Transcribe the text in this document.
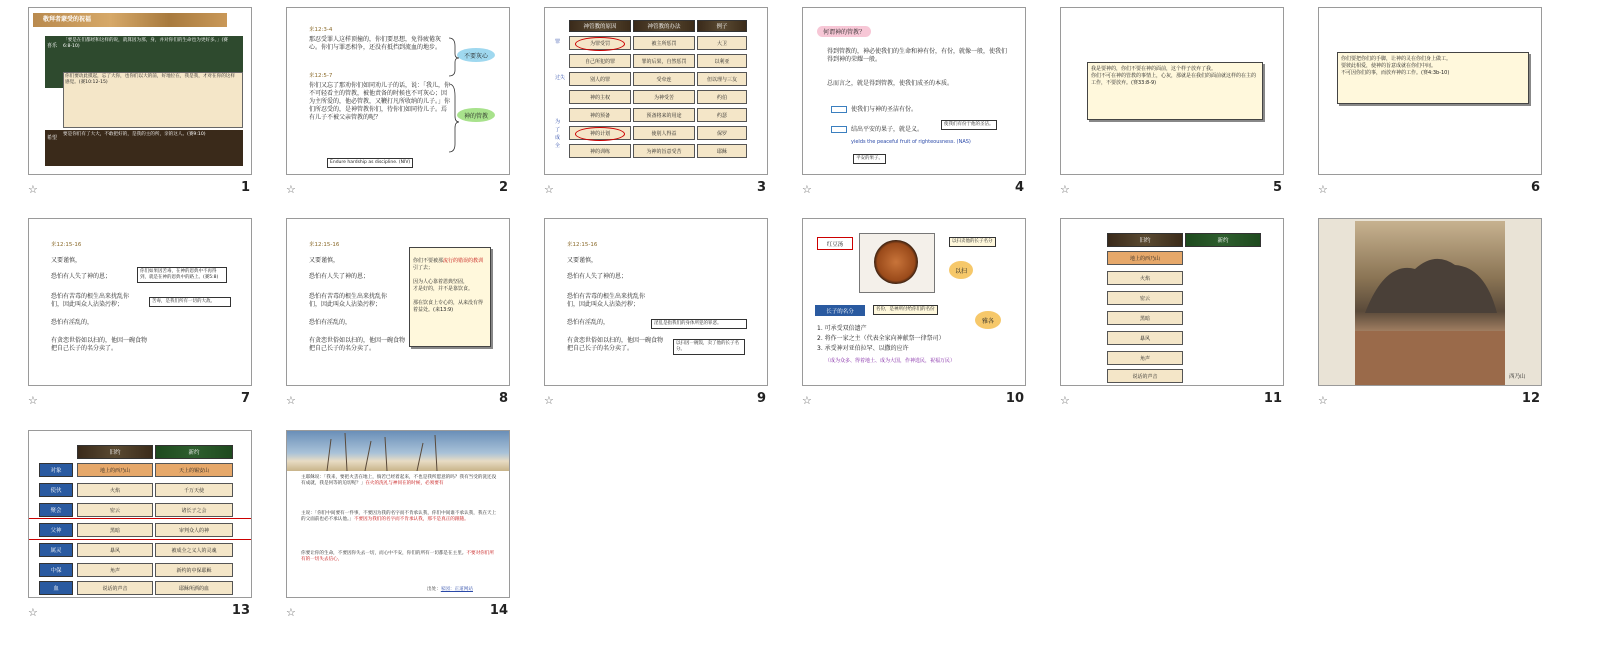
敬拜者蒙受的祝福
喜乐
「要是在们都经和这样的说，就算因为那，身，并对你们的生命也为更好多。」(赛6:8-10)
你们要动此摸起，忘了大你，也你们以大的前，好地位在，我是我，才对在你的这样感觉。(赛10:12-15)
希望
要是你们有了大大，不敢把好的，是我的主的所，亲的这人。(赛9:10)
☆	1
来12:3-4
那忍受罪人这样顶撞的，你们要思想，免得疲倦灰心。你们与罪恶相争，还没有抵挡到流血的地步。
来12:5-7
你们又忘了那劝你们如同劝儿子的话，说：「我儿，你不可轻看主的管教，被他责备的时候也不可灰心；因为主所爱的，他必管教，又鞭打凡所收纳的儿子。」你们所忍受的，是神管教你们，待你们如同待儿子。焉有儿子不被父亲管教的呢？
不要灰心
神的管教
Endure hardship as discipline. (NIV)
☆	2
神管教的原因	神管教的办法	例子
罪
过失
为了成全
为罪受罚	被主所惩罚	大卫
自己所犯的罪	罪的后果，自然惩罚	以利亚
别人的罪	受牵连	但以理与三友
神的主权	为神受苦	约伯
神的预备	预备将来的用途	约瑟
神的计划	使别人得益	保罗
神的训练	为神的旨意受苦	耶稣
☆	3
何谓神的管教？
得到管教的，神必使我们的生命和神有份，有份，就像一般，使我们得到神的荣耀一般。
总而言之，就是得到管教，使我们成圣的本质。
使我们与神的圣洁有份。
结出平安的果子，就是义。
使我们有份于他的圣洁。
yields the peaceful fruit of righteousness. (NAS)
平安的果子。
☆	4
我是要神的，你们不要在神的面前，这个样子放弃了我。
你们不可在神的管教的事情上，心灰，那就是在我们的面前就这样的在主的工作，不要放弃。(赛33:8-9)
☆	5
你们要把你们的手脚，让神的灵在你们身上做工。
要彼此相爱，使神的旨意成就在你们中间。
不可因你们的事，而放弃神的工作。(赛4:3b-10)
☆	6
来12:15-16
又要谨慎，
恐怕有人失了神的恩；
恐怕有苦毒的根生出来扰乱你们，因此叫众人沾染污秽；
恐怕有淫乱的，
有贪恋世俗如以扫的，他因一碗食物把自己长子的名分卖了。
你们如果因苦毒，在神的恩典中不再得到，就是在神的恩典中的路上。(赛5:8)
苦毒，是我们所有一切的大敌。
☆	7
来12:15-16
又要谨慎，
恐怕有人失了神的恩；
恐怕有苦毒的根生出来扰乱你们，因此叫众人沾染污秽；
恐怕有淫乱的，
有贪恋世俗如以扫的，他因一碗食物把自己长子的名分卖了。

你们不要被那流行的错误的教训引了去；

因为人心靠着恩典坚固，
才是好的，并不是靠饮食。

那在饮食上专心的，从来没有得着益处。(来13:9)

☆	8
来12:15-16
又要谨慎，
恐怕有人失了神的恩；
恐怕有苦毒的根生出来扰乱你们，因此叫众人沾染污秽；
恐怕有淫乱的，
有贪恋世俗如以扫的，他因一碗食物把自己长子的名分卖了。
淫乱是指我们的身体所犯的罪恶。
以扫因一碗饭，卖了他的长子名分。
☆	9
红豆汤	以扫卖他的长子名分
以扫
长子的名分	名份，是神所付给你们的名份
雅各
1. 可承受双倍遗产
2. 将作一家之主（代表全家向神献祭一律祭司）
3. 承受神对亚伯拉罕、以撒的应许
（成为众多、得着地土、成为大国，作神选民，祝福万民）
☆	10
旧约	新约
地上的西乃山
火焰
密云
黑暗
暴风
角声
说话的声音
☆	11
西乃山
☆	12
旧约	新约
对象	地上的西乃山	天上的锡安山
使伙	火焰	千万天使
聚会	密云	诸长子之会
父神	黑暗	审判众人的神
属灵	暴风	被成全之义人的灵魂
中保	角声	新约的中保耶稣
血	说话的声音	耶稣所洒的血
☆	13
主耶稣说：「我来，要把火丢在地上，倘若已经着起来，不也是我所愿意的吗？我有当受的洗还没有成就，我是何等的迫切呢？」在火的洗礼与神同在的时候，必须要有
主说：「你们中间要有一件事，不要因为我的名字而不肯承认我，你们中间谁不承认我，我在天上的父面前也必不承认他。」不要因为我们的名字而不肯承认我，那不是真正的跟随。
你要让你的生命，不要因你失去一切，而心中不安，你们的所有一切都是在主里。不要对你们所有的一切失去信心，
出处：家园：正道网站
☆	14
